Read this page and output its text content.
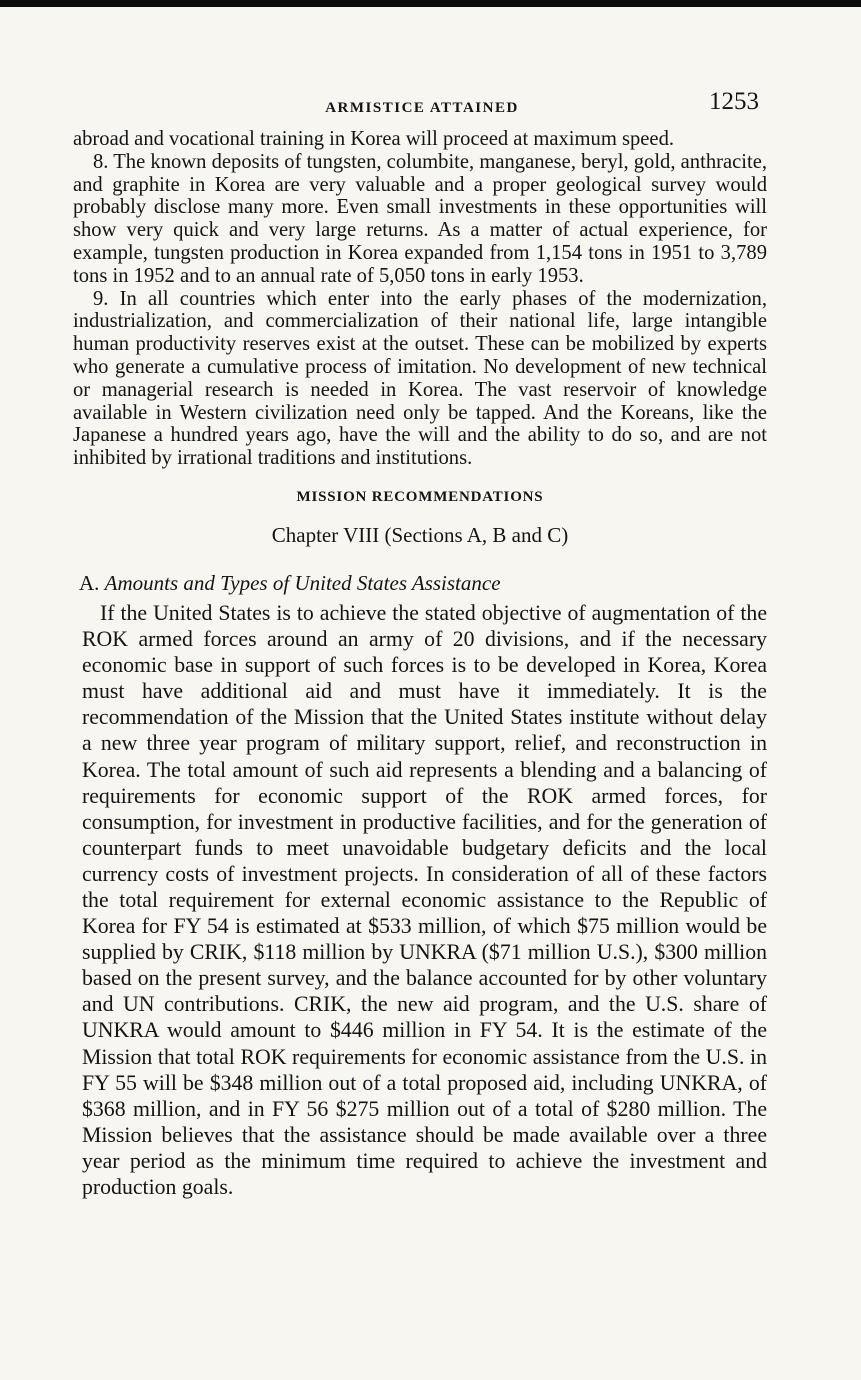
ARMISTICE ATTAINED	1253

abroad and vocational training in Korea will proceed at maximum speed.

8. The known deposits of tungsten, columbite, manganese, beryl, gold, anthracite, and graphite in Korea are very valuable and a proper geological survey would probably disclose many more. Even small investments in these opportunities will show very quick and very large returns. As a matter of actual experience, for example, tungsten production in Korea expanded from 1,154 tons in 1951 to 3,789 tons in 1952 and to an annual rate of 5,050 tons in early 1953.

9. In all countries which enter into the early phases of the modernization, industrialization, and commercialization of their national life, large intangible human productivity reserves exist at the outset. These can be mobilized by experts who generate a cumulative process of imitation. No development of new technical or managerial research is needed in Korea. The vast reservoir of knowledge available in Western civilization need only be tapped. And the Koreans, like the Japanese a hundred years ago, have the will and the ability to do so, and are not inhibited by irrational traditions and institutions.

MISSION RECOMMENDATIONS
Chapter VIII (Sections A, B and C)
A. Amounts and Types of United States Assistance

If the United States is to achieve the stated objective of augmentation of the ROK armed forces around an army of 20 divisions, and if the necessary economic base in support of such forces is to be developed in Korea, Korea must have additional aid and must have it immediately. It is the recommendation of the Mission that the United States institute without delay a new three year program of military support, relief, and reconstruction in Korea. The total amount of such aid represents a blending and a balancing of requirements for economic support of the ROK armed forces, for consumption, for investment in productive facilities, and for the generation of counterpart funds to meet unavoidable budgetary deficits and the local currency costs of investment projects. In consideration of all of these factors the total requirement for external economic assistance to the Republic of Korea for FY 54 is estimated at $533 million, of which $75 million would be supplied by CRIK, $118 million by UNKRA ($71 million U.S.), $300 million based on the present survey, and the balance accounted for by other voluntary and UN contributions. CRIK, the new aid program, and the U.S. share of UNKRA would amount to $446 million in FY 54. It is the estimate of the Mission that total ROK requirements for economic assistance from the U.S. in FY 55 will be $348 million out of a total proposed aid, including UNKRA, of $368 million, and in FY 56 $275 million out of a total of $280 million. The Mission believes that the assistance should be made available over a three year period as the minimum time required to achieve the investment and production goals.
